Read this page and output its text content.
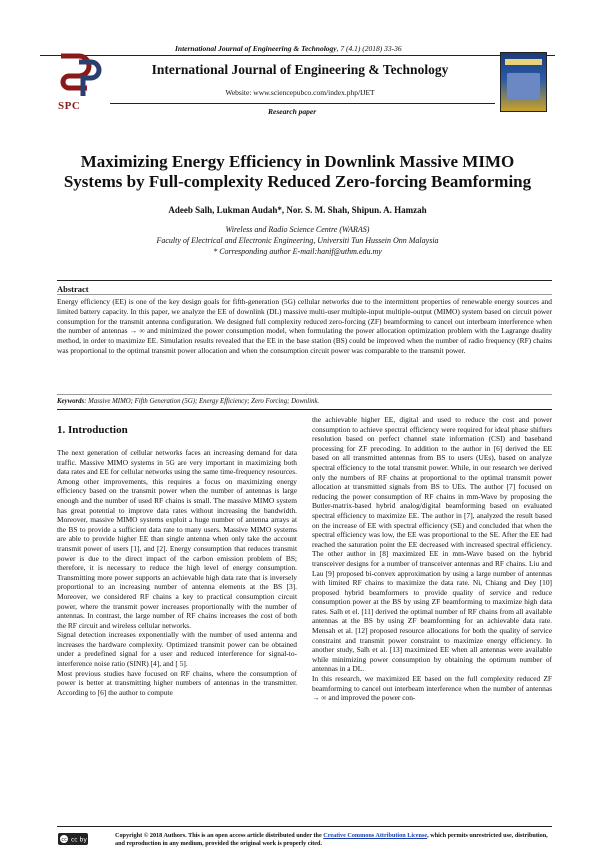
International Journal of Engineering & Technology, 7 (4.1) (2018) 33-36
SPC
International Journal of Engineering & Technology
Website: www.sciencepubco.com/index.php/IJET
Research paper
Maximizing Energy Efficiency in Downlink Massive MIMO
Systems by Full-complexity Reduced Zero-forcing Beamforming
Adeeb Salh, Lukman Audah*, Nor. S. M. Shah, Shipun. A. Hamzah
Wireless and Radio Science Centre (WARAS)
Faculty of Electrical and Electronic Engineering, Universiti Tun Hussein Onn Malaysia
* Corresponding author E-mail:hanif@uthm.edu.my
Abstract
Energy efficiency (EE) is one of the key design goals for fifth-generation (5G) cellular networks due to the intermittent properties of renewable energy sources and limited battery capacity. In this paper, we analyze the EE of downlink (DL) massive multi-user multiple-input multiple-output (MIMO) system based on circuit power consumption for the transmit antenna configuration. We designed full complexity reduced zero-forcing (ZF) beamforming to cancel out interbeam interference when the number of antennas → ∞ and minimized the power consumption model, when formulating the power allocation optimization problem with the Lagrange duality method, in order to maximize EE. Simulation results revealed that the EE in the base station (BS) could be improved when the number of radio frequency (RF) chains was proportional to the optimal transmit power allocation and when the consumption circuit power was comparable to the transmit power.
Keywords: Massive MIMO; Fifth Generation (5G); Energy Efficiency; Zero Forcing; Downlink.
1. Introduction

The next generation of cellular networks faces an increasing demand for data traffic. Massive MIMO systems in 5G are very important in maximizing both data rates and EE for cellular networks using the same time-frequency resources. Among other improvements, this requires a focus on maximizing energy efficiency based on the transmit power when the number of antennas is large enough and the number of used RF chains is small. The massive MIMO system has great potential to improve data rates without increasing the bandwidth. Moreover, massive MIMO systems exploit a huge number of antenna arrays at the BS to provide a sufficient data rate to many users. Massive MIMO systems are able to provide higher EE than single antenna when only take the account transmit power of users [1], and [2]. Energy consumption that reduces transmit power is due to the direct impact of the carbon emission problem of BS; therefore, it is necessary to reduce the high level of energy consumption. Transmitting more power supports an achievable high data rate that is inversely proportional to an increasing number of antenna elements at the BS [3]. Moreover, we considered RF chains a key to practical consumption circuit power, where the transmit power increases proportionally with the number of antennas. In contrast, the large number of RF chains increases the cost of both the RF circuit and wireless cellular networks.

Signal detection increases exponentially with the number of used antenna and increases the hardware complexity. Optimized transmit power can be obtained under a predefined signal for a user and reduced interference for signal-to-interference noise ratio (SINR) [4], and [ 5].

Most previous studies have focused on RF chains, where the consumption of power is better at transmitting higher numbers of antennas in the transmitter. According to [6] the author to compute

the achievable higher EE, digital and used to reduce the cost and power consumption to achieve spectral efficiency were required for ideal phase shifters resolution based on perfect channel state information (CSI) and baseband processing for ZF precoding. In addition to the author in [6] derived the EE based on all transmitted antennas from BS to users (UEs), based on analyze spectral efficiency to the total transmit power. While, in our research we derived only the numbers of RF chains at proportional to the optimal transmit power allocation at transmitted signals from BS to UEs. The author [7] focused on reducing the power consumption of RF chains in mm-Wave by proposing the Butler-matrix-based hybrid analog/digital beamforming based on evaluated spectral efficiency to maximize EE. The author in [7], analyzed the result based on the increase of EE with spectral efficiency (SE) and concluded that when the spectral efficiency was low, the EE was proportional to the SE. After the EE had reached the saturation point the EE decreased with increased spectral efficiency. The other author in [8] maximized EE in mm-Wave based on the hybrid transceiver designs for a number of transceiver antennas and RF chains. Liu and Lau [9] proposed bi-convex approximation by using a large number of antennas with limited RF chains to maximize the data rate. Ni, Chiang and Dey [10] proposed hybrid beamformers to provide quality of service and reduce consumption power at the BS by using ZF beamforming to maximize high data rates. Salh et el. [11] derived the optimal number of RF chains from all available antennas at the BS by using ZF beamforming for an achievable data rate. Mensah et al. [12] proposed resource allocations for both the quality of service constraint and transmit power constraint to maximize energy efficiency. In another study, Salh et al. [13] maximized EE when all antennas were available while minimizing power consumption by obtaining the optimum number of antennas in a DL.

In this research, we maximized EE based on the full complexity reduced ZF beamforming to cancel out interbeam interference when the number of antennas → ∞ and improved the power con-

cc cc by
Copyright © 2018 Authors. This is an open access article distributed under the Creative Commons Attribution License, which permits unrestricted use, distribution, and reproduction in any medium, provided the original work is properly cited.
